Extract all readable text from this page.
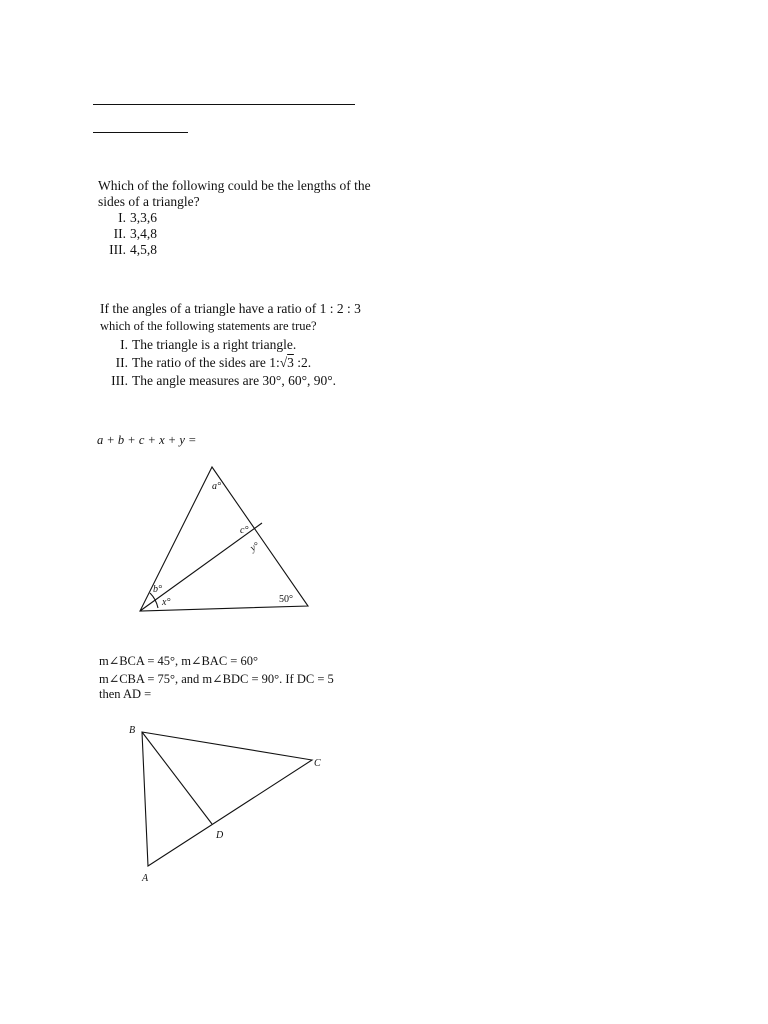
Which of the following could be the lengths of the
sides of a triangle?
I. 3,3,6
II. 3,4,8
III. 4,5,8
If the angles of a triangle have a ratio of 1 : 2 : 3
which of the following statements are true?
I. The triangle is a right triangle.
II. The ratio of the sides are 1:√3 :2.
III. The angle measures are 30°, 60°, 90°.
a + b + c + x + y =
m∠BCA = 45°, m∠BAC = 60°
m∠CBA = 75°, and m∠BDC = 90°. If DC = 5
then AD =
a°
c°
y°
b°
x°	50°
B
C
D
A
